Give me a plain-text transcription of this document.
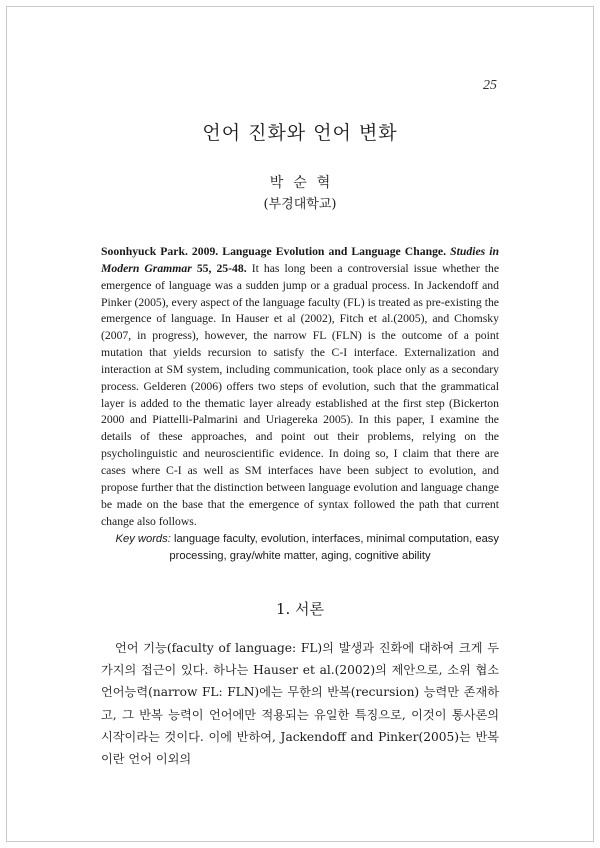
25
언어 진화와 언어 변화
박순혁
(부경대학교)

Soonhyuck Park. 2009. Language Evolution and Language Change. Studies in Modern Grammar 55, 25-48. It has long been a controversial issue whether the emergence of language was a sudden jump or a gradual process. In Jackendoff and Pinker (2005), every aspect of the language faculty (FL) is treated as pre-existing the emergence of language. In Hauser et al (2002), Fitch et al.(2005), and Chomsky (2007, in progress), however, the narrow FL (FLN) is the outcome of a point mutation that yields recursion to satisfy the C-I interface. Externalization and interaction at SM system, including communication, took place only as a secondary process. Gelderen (2006) offers two steps of evolution, such that the grammatical layer is added to the thematic layer already established at the first step (Bickerton 2000 and Piattelli-Palmarini and Uriagereka 2005). In this paper, I examine the details of these approaches, and point out their problems, relying on the psycholinguistic and neuroscientific evidence. In doing so, I claim that there are cases where C-I as well as SM interfaces have been subject to evolution, and propose further that the distinction between language evolution and language change be made on the base that the emergence of syntax followed the path that current change also follows.

Key words: language faculty, evolution, interfaces, minimal computation, easy
processing, gray/white matter, aging, cognitive ability

1. 서론

언어 기능(faculty of language: FL)의 발생과 진화에 대하여 크게 두 가지의 접근이 있다. 하나는 Hauser et al.(2002)의 제안으로, 소위 협소 언어능력(narrow FL: FLN)에는 무한의 반복(recursion) 능력만 존재하고, 그 반복 능력이 언어에만 적용되는 유일한 특징으로, 이것이 통사론의 시작이라는 것이다. 이에 반하여, Jackendoff and Pinker(2005)는 반복이란 언어 이외의
